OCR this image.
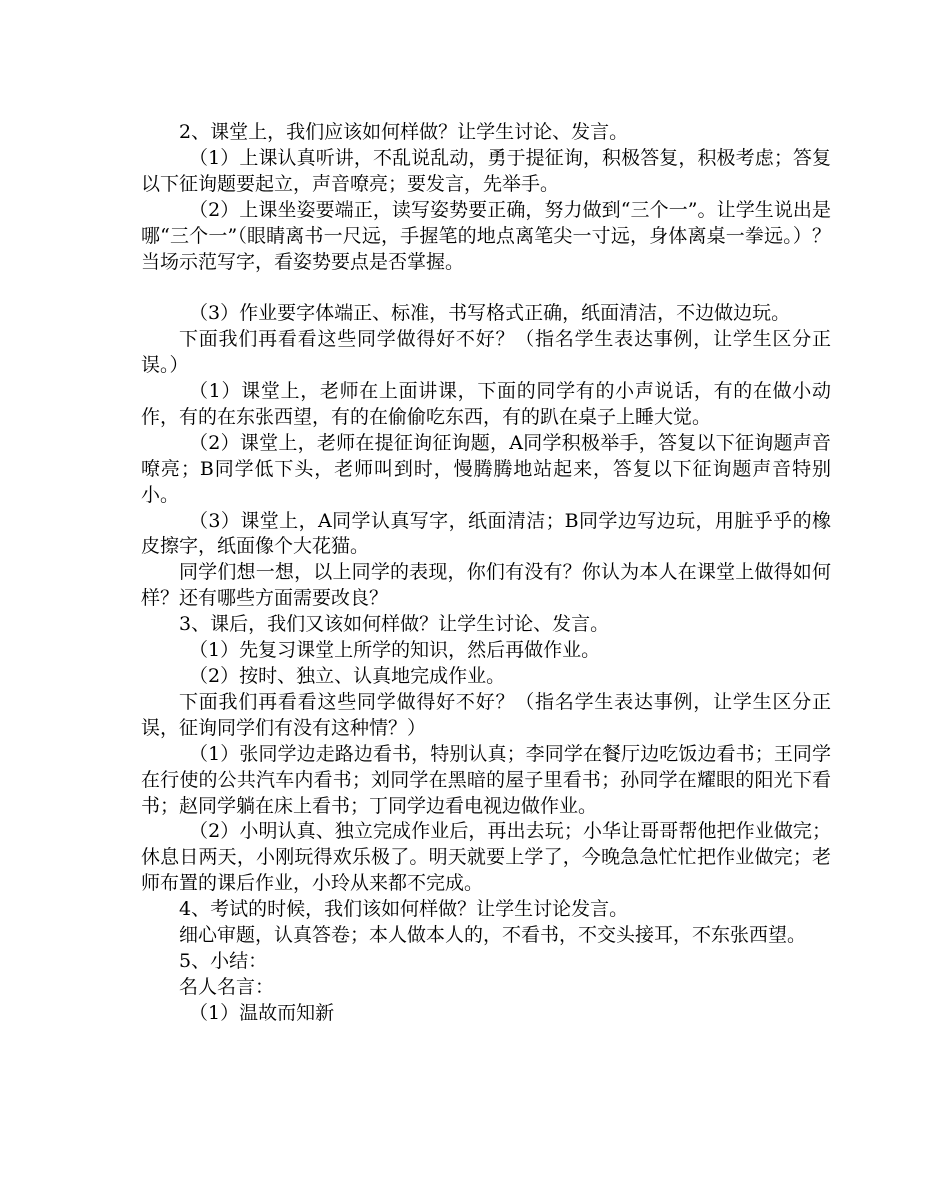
2、课堂上，我们应该如何样做？让学生讨论、发言。

（1）上课认真听讲，不乱说乱动，勇于提征询，积极答复，积极考虑；答复以下征询题要起立，声音嘹亮；要发言，先举手。

（2）上课坐姿要端正，读写姿势要正确，努力做到“三个一”。让学生说出是哪“三个一”（眼睛离书一尺远，手握笔的地点离笔尖一寸远，身体离桌一拳远。）？当场示范写字，看姿势要点是否掌握。

（3）作业要字体端正、标准，书写格式正确，纸面清洁，不边做边玩。

下面我们再看看这些同学做得好不好？（指名学生表达事例，让学生区分正误。）

（1）课堂上，老师在上面讲课，下面的同学有的小声说话，有的在做小动作，有的在东张西望，有的在偷偷吃东西，有的趴在桌子上睡大觉。

（2）课堂上，老师在提征询征询题，A同学积极举手，答复以下征询题声音嘹亮；B同学低下头，老师叫到时，慢腾腾地站起来，答复以下征询题声音特别小。

（3）课堂上，A同学认真写字，纸面清洁；B同学边写边玩，用脏乎乎的橡皮擦字，纸面像个大花猫。

同学们想一想，以上同学的表现，你们有没有？你认为本人在课堂上做得如何样？还有哪些方面需要改良？

3、课后，我们又该如何样做？让学生讨论、发言。

（1）先复习课堂上所学的知识，然后再做作业。

（2）按时、独立、认真地完成作业。

下面我们再看看这些同学做得好不好？（指名学生表达事例，让学生区分正误，征询同学们有没有这种情？）

（1）张同学边走路边看书，特别认真；李同学在餐厅边吃饭边看书；王同学在行使的公共汽车内看书；刘同学在黑暗的屋子里看书；孙同学在耀眼的阳光下看书；赵同学躺在床上看书；丁同学边看电视边做作业。

（2）小明认真、独立完成作业后，再出去玩；小华让哥哥帮他把作业做完；休息日两天，小刚玩得欢乐极了。明天就要上学了，今晚急急忙忙把作业做完；老师布置的课后作业，小玲从来都不完成。

4、考试的时候，我们该如何样做？让学生讨论发言。

细心审题，认真答卷；本人做本人的，不看书，不交头接耳，不东张西望。

5、小结：

名人名言：

（1）温故而知新
